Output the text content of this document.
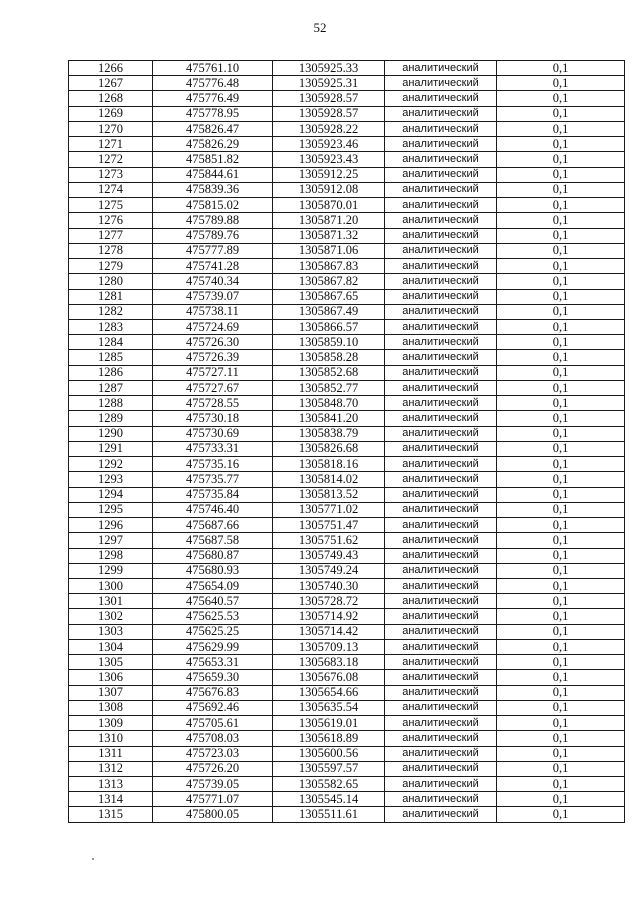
52
1266	475761.10	1305925.33	аналитический	0,1
1267	475776.48	1305925.31	аналитический	0,1
1268	475776.49	1305928.57	аналитический	0,1
1269	475778.95	1305928.57	аналитический	0,1
1270	475826.47	1305928.22	аналитический	0,1
1271	475826.29	1305923.46	аналитический	0,1
1272	475851.82	1305923.43	аналитический	0,1
1273	475844.61	1305912.25	аналитический	0,1
1274	475839.36	1305912.08	аналитический	0,1
1275	475815.02	1305870.01	аналитический	0,1
1276	475789.88	1305871.20	аналитический	0,1
1277	475789.76	1305871.32	аналитический	0,1
1278	475777.89	1305871.06	аналитический	0,1
1279	475741.28	1305867.83	аналитический	0,1
1280	475740.34	1305867.82	аналитический	0,1
1281	475739.07	1305867.65	аналитический	0,1
1282	475738.11	1305867.49	аналитический	0,1
1283	475724.69	1305866.57	аналитический	0,1
1284	475726.30	1305859.10	аналитический	0,1
1285	475726.39	1305858.28	аналитический	0,1
1286	475727.11	1305852.68	аналитический	0,1
1287	475727.67	1305852.77	аналитический	0,1
1288	475728.55	1305848.70	аналитический	0,1
1289	475730.18	1305841.20	аналитический	0,1
1290	475730.69	1305838.79	аналитический	0,1
1291	475733.31	1305826.68	аналитический	0,1
1292	475735.16	1305818.16	аналитический	0,1
1293	475735.77	1305814.02	аналитический	0,1
1294	475735.84	1305813.52	аналитический	0,1
1295	475746.40	1305771.02	аналитический	0,1
1296	475687.66	1305751.47	аналитический	0,1
1297	475687.58	1305751.62	аналитический	0,1
1298	475680.87	1305749.43	аналитический	0,1
1299	475680.93	1305749.24	аналитический	0,1
1300	475654.09	1305740.30	аналитический	0,1
1301	475640.57	1305728.72	аналитический	0,1
1302	475625.53	1305714.92	аналитический	0,1
1303	475625.25	1305714.42	аналитический	0,1
1304	475629.99	1305709.13	аналитический	0,1
1305	475653.31	1305683.18	аналитический	0,1
1306	475659.30	1305676.08	аналитический	0,1
1307	475676.83	1305654.66	аналитический	0,1
1308	475692.46	1305635.54	аналитический	0,1
1309	475705.61	1305619.01	аналитический	0,1
1310	475708.03	1305618.89	аналитический	0,1
1311	475723.03	1305600.56	аналитический	0,1
1312	475726.20	1305597.57	аналитический	0,1
1313	475739.05	1305582.65	аналитический	0,1
1314	475771.07	1305545.14	аналитический	0,1
1315	475800.05	1305511.61	аналитический	0,1
